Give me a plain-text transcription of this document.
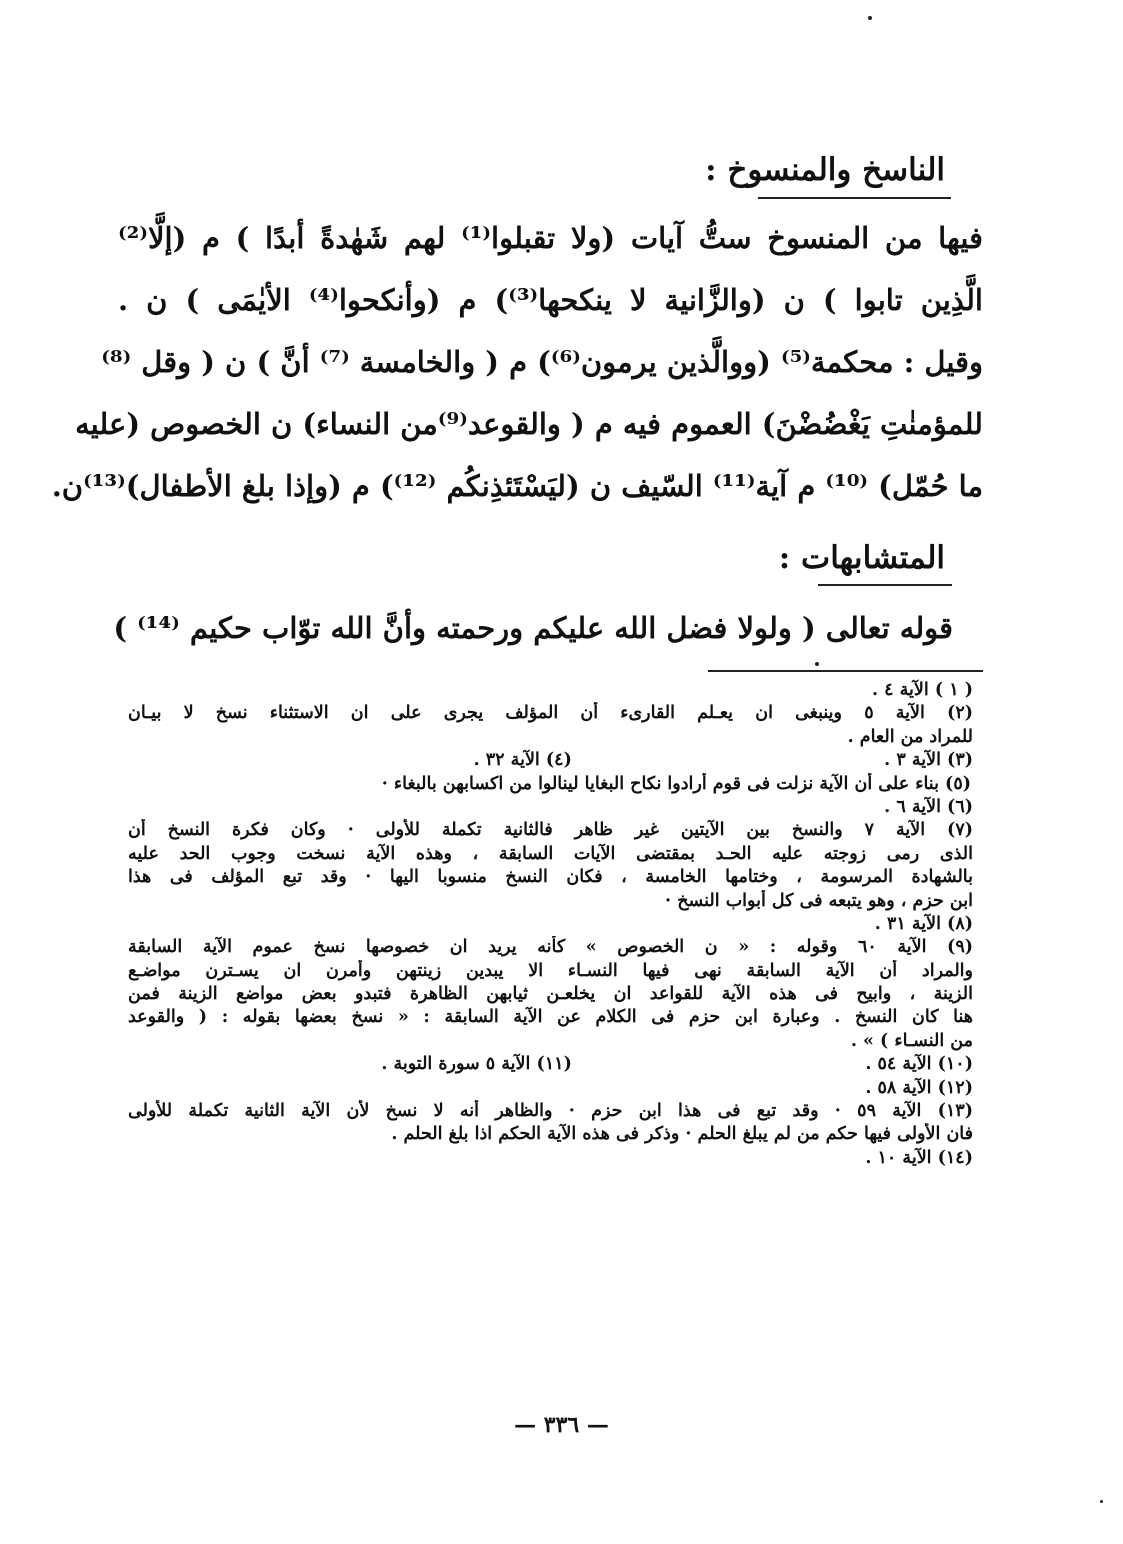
الناسخ والمنسوخ :
فيها من المنسوخ ستُّ آيات (ولا تقبلوا⁽¹⁾ لهم شَهٰدةً أبدًا ) م (إلَّا⁽²⁾
الَّذِين تابوا ) ن (والزَّانية لا ينكحها⁽³⁾) م (وأنكحوا⁽⁴⁾ الأيٰمَى ) ن .
وقيل : محكمة⁽⁵⁾ (ووالَّذين يرمون⁽⁶⁾) م ( والخامسة ⁽⁷⁾ أنَّ ) ن ( وقل ⁽⁸⁾
للمؤمنٰتِ يَغْضُضْنَ) العموم فيه م ( والقوعد⁽⁹⁾من النساء) ن الخصوص (عليه
ما حُمّل) ⁽¹⁰⁾ م آية⁽¹¹⁾ السّيف ن (ليَسْتَئذِنكُم ⁽¹²⁾) م (وإذا بلغ الأطفال)⁽¹³⁾ن.
المتشابهات :
قوله تعالى ( ولولا فضل الله عليكم ورحمته وأنَّ الله توّاب حكيم ⁽¹⁴⁾ )
( ١ ) الآية ٤ .
(٢) الآية ٥ وينبغى ان يعـلم القارىء أن المؤلف يجرى على ان الاستثناء نسخ لا بيـان
للمراد من العام .
(٣) الآية ٣ .
(٤) الآية ٣٢ .
(٥) بناء على أن الآية نزلت فى قوم أرادوا نكاح البغايا لينالوا من اكسابهن بالبغاء ·
(٦) الآية ٦ .
(٧) الآية ٧ والنسخ بين الآيتين غير ظاهر فالثانية تكملة للأولى · وكان فكرة النسخ أن
الذى رمى زوجته عليه الحـد بمقتضى الآيات السابقة ، وهذه الآية نسخت وجوب الحد عليه
بالشهادة المرسومة ، وختامها الخامسة ، فكان النسخ منسوبا اليها · وقد تبع المؤلف فى هذا
ابن حزم ، وهو يتبعه فى كل أبواب النسخ ·
(٨) الآية ٣١ .
(٩) الآية ٦٠ وقوله : « ن الخصوص » كأنه يريد ان خصوصها نسخ عموم الآية السابقة
والمراد أن الآية السابقة نهى فيها النسـاء الا يبدين زينتهن وأمرن ان يسـترن مواضـع
الزينة ، وابيح فى هذه الآية للقواعد ان يخلعـن ثيابهن الظاهرة فتبدو بعض مواضع الزينة فمن
هنا كان النسخ . وعبارة ابن حزم فى الكلام عن الآية السابقة : « نسخ بعضها بقوله : ( والقوعد
من النسـاء ) » .
(١٠) الآية ٥٤ .
(١١) الآية ٥ سورة التوبة .
(١٢) الآية ٥٨ .
(١٣) الآية ٥٩ · وقد تبع فى هذا ابن حزم · والظاهر أنه لا نسخ لأن الآية الثانية تكملة للأولى
فان الأولى فيها حكم من لم يبلغ الحلم · وذكر فى هذه الآية الحكم اذا بلغ الحلم .
(١٤) الآية ١٠ .
— ٣٣٦ —
